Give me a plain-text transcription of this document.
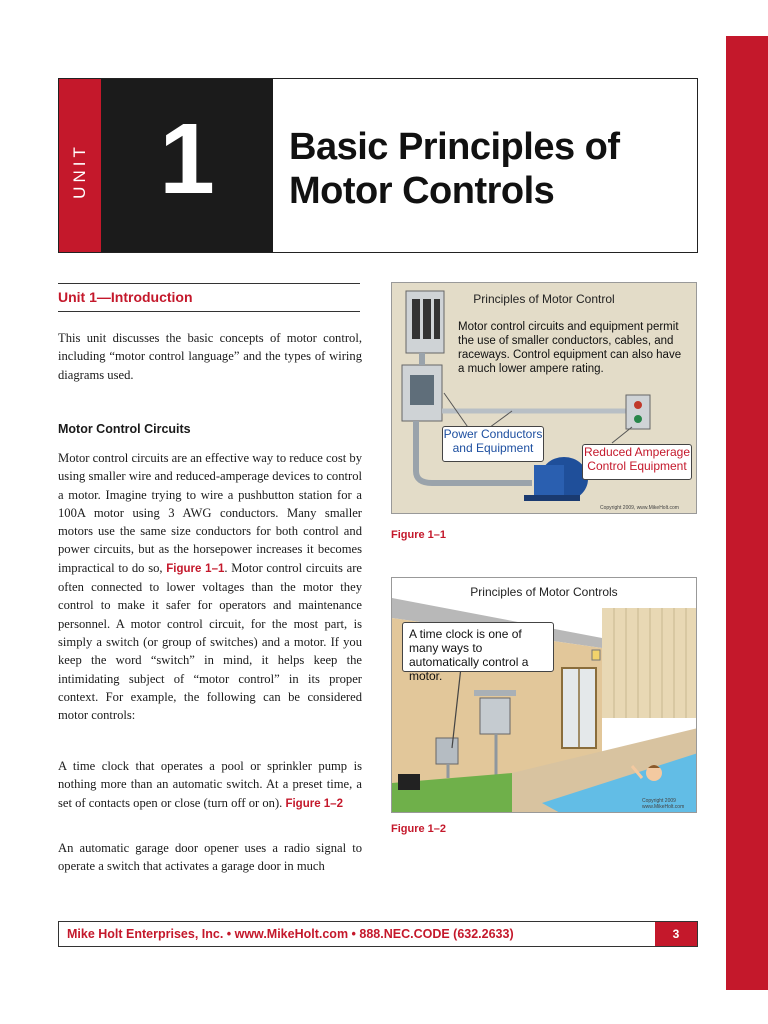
UNIT 1	Basic Principles of
Motor Controls
Unit 1—Introduction

This unit discusses the basic concepts of motor control, including “motor control language” and the types of wiring diagrams used.

Motor Control Circuits

Motor control circuits are an effective way to reduce cost by using smaller wire and reduced-amperage devices to control a motor. Imagine trying to wire a pushbutton station for a 100A motor using 3 AWG conductors. Many smaller motors use the same size conductors for both control and power circuits, but as the horsepower increases it becomes impractical to do so, Figure 1–1. Motor control circuits are often connected to lower voltages than the motor they control to make it safer for operators and maintenance personnel. A motor control circuit, for the most part, is simply a switch (or group of switches) and a motor. If you keep the word “switch” in mind, it helps keep the intimidating subject of “motor control” in its proper context. For example, the following can be considered motor controls:

A time clock that operates a pool or sprinkler pump is nothing more than an automatic switch. At a preset time, a set of contacts open or close (turn off or on). Figure 1–2

An automatic garage door opener uses a radio signal to operate a switch that activates a garage door in much

Principles of Motor Control
Motor control circuits and equipment permit the use of smaller conductors, cables, and raceways. Control equipment can also have a much lower ampere rating.
Power Conductors and Equipment	Reduced Amperage Control Equipment
Copyright 2009, www.MikeHolt.com
Figure 1–1
Principles of Motor Controls
A time clock is one of many ways to automatically control a motor.
Copyright 2009 www.MikeHolt.com
Figure 1–2
Mike Holt Enterprises, Inc. • www.MikeHolt.com • 888.NEC.CODE (632.2633)	3
